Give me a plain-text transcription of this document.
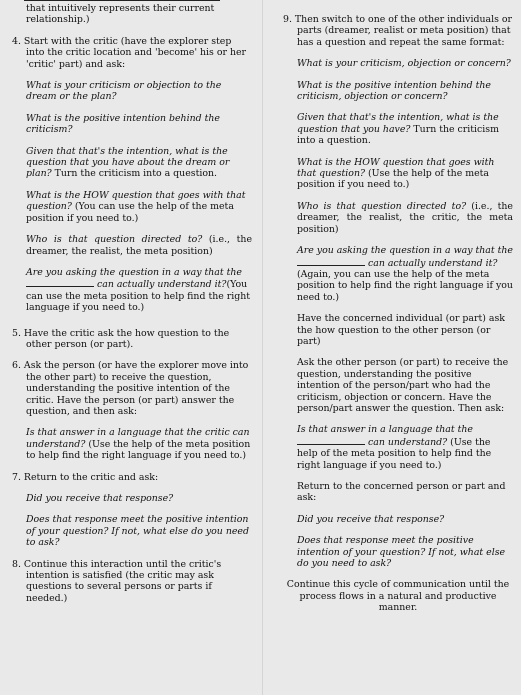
that intuitively represents their current relationship.)

4. Start with the critic (have the explorer step into the critic location and 'become' his or her 'critic' part) and ask:

What is your criticism or objection to the dream or the plan?

What is the positive intention behind the criticism?

Given that that's the intention, what is the question that you have about the dream or plan? Turn the criticism into a question.

What is the HOW question that goes with that question? (You can use the help of the meta position if you need to.)

Who is that question directed to? (i.e., the dreamer, the realist, the meta position)

Are you asking the question in a way that the  can actually understand it?(You can use the meta position to help find the right language if you need to.)

5. Have the critic ask the how question to the other person (or part).

6. Ask the person (or have the explorer move into the other part) to receive the question, understanding the positive intention of the critic. Have the person (or part) answer the question, and then ask:

Is that answer in a language that the critic can understand? (Use the help of the meta position to help find the right language if you need to.)

7. Return to the critic and ask:

Did you receive that response?

Does that response meet the positive intention of your question? If not, what else do you need to ask?

8. Continue this interaction until the critic's intention is satisfied (the critic may ask questions to several persons or parts if needed.)

9. Then switch to one of the other individuals or parts (dreamer, realist or meta position) that has a question and repeat the same format:

What is your criticism, objection or concern?

What is the positive intention behind the criticism, objection or concern?

Given that that's the intention, what is the question that you have? Turn the criticism into a question.

What is the HOW question that goes with that question? (Use the help of the meta position if you need to.)

Who is that question directed to? (i.e., the dreamer, the realist, the critic, the meta position)

Are you asking the question in a way that the  can actually understand it? (Again, you can use the help of the meta position to help find the right language if you need to.)

Have the concerned individual (or part) ask the how question to the other person (or part)

Ask the other person (or part) to receive the question, understanding the positive intention of the person/part who had the criticism, objection or concern. Have the person/part answer the question. Then ask:

Is that answer in a language that the  can understand? (Use the help of the meta position to help find the right language if you need to.)

Return to the concerned person or part and ask:

Did you receive that response?

Does that response meet the positive intention of your question? If not, what else do you need to ask?

Continue this cycle of communication until the process flows in a natural and productive manner.
